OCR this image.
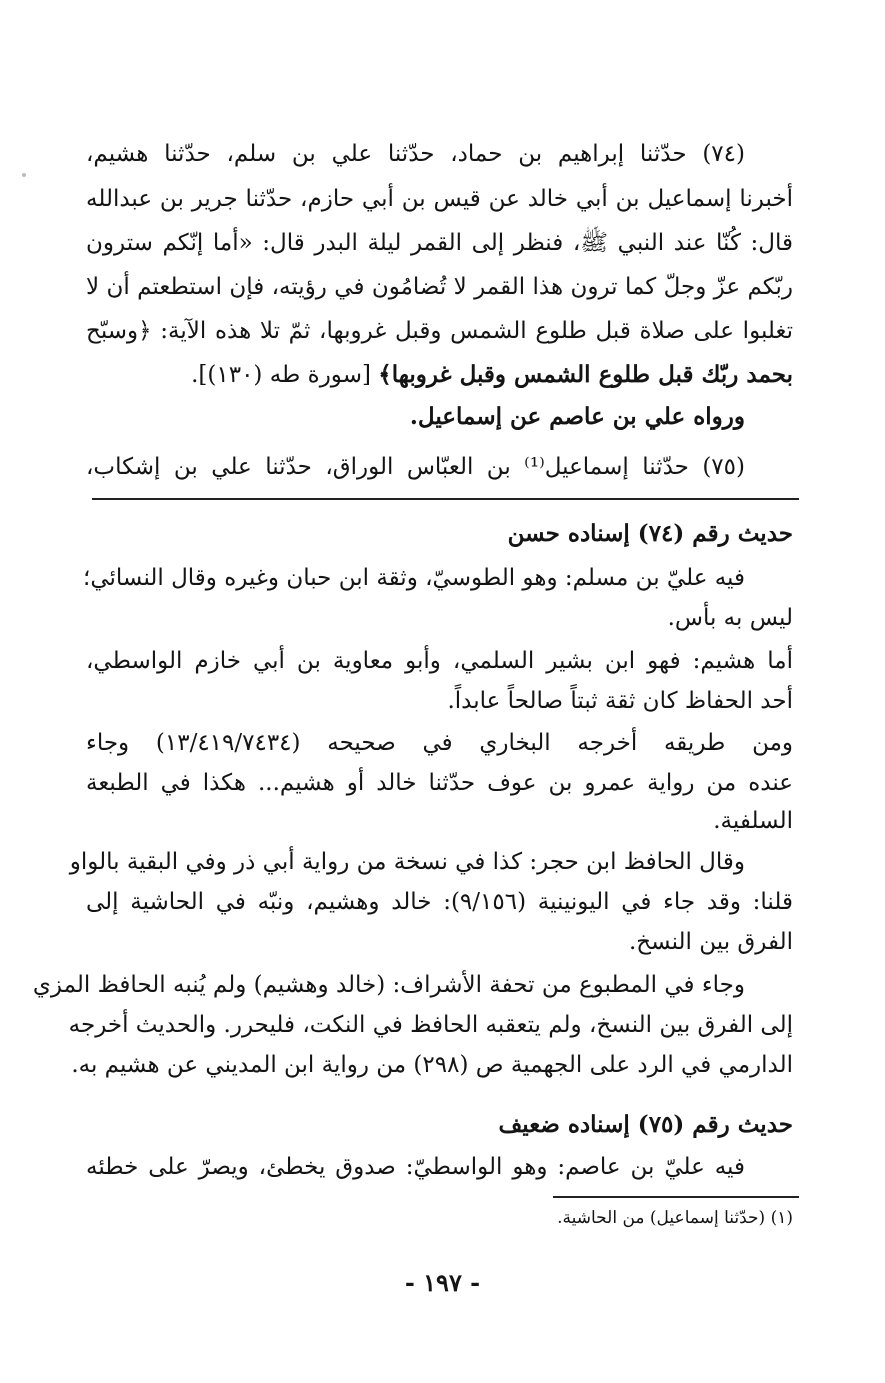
(٧٤) حدّثنا إبراهيم بن حماد، حدّثنا علي بن سلم، حدّثنا هشيم،

أخبرنا إسماعيل بن أبي خالد عن قيس بن أبي حازم، حدّثنا جرير بن عبدالله

قال: كُنّا عند النبي ﷺ، فنظر إلى القمر ليلة البدر قال: «أما إنّكم سترون

ربّكم عزّ وجلّ كما ترون هذا القمر لا تُضامُون في رؤيته، فإن استطعتم أن لا

تغلبوا على صلاة قبل طلوع الشمس وقبل غروبها، ثمّ تلا هذه الآية: ﴿وسبّح

بحمد ربّك قبل طلوع الشمس وقبل غروبها﴾ [سورة طه (١٣٠)].

ورواه علي بن عاصم عن إسماعيل.

(٧٥) حدّثنا إسماعيل⁽¹⁾ بن العبّاس الوراق، حدّثنا علي بن إشكاب،

حديث رقم (٧٤) إسناده حسن

فيه عليّ بن مسلم: وهو الطوسيّ، وثقة ابن حبان وغيره وقال النسائي؛

ليس به بأس.

أما هشيم: فهو ابن بشير السلمي، وأبو معاوية بن أبي خازم الواسطي،

أحد الحفاظ كان ثقة ثبتاً صالحاً عابداً.

ومن طريقه أخرجه البخاري في صحيحه (١٣/٤١٩/٧٤٣٤) وجاء

عنده من رواية عمرو بن عوف حدّثنا خالد أو هشيم... هكذا في الطبعة

السلفية.

وقال الحافظ ابن حجر: كذا في نسخة من رواية أبي ذر وفي البقية بالواو

قلنا: وقد جاء في اليونينية (٩/١٥٦): خالد وهشيم، ونبّه في الحاشية إلى

الفرق بين النسخ.

وجاء في المطبوع من تحفة الأشراف: (خالد وهشيم) ولم يُنبه الحافظ المزي

إلى الفرق بين النسخ، ولم يتعقبه الحافظ في النكت، فليحرر. والحديث أخرجه

الدارمي في الرد على الجهمية ص (٢٩٨) من رواية ابن المديني عن هشيم به.

حديث رقم (٧٥) إسناده ضعيف

فيه عليّ بن عاصم: وهو الواسطيّ: صدوق يخطئ، ويصرّ على خطئه

(١) (حدّثنا إسماعيل) من الحاشية.

- ١٩٧ -
